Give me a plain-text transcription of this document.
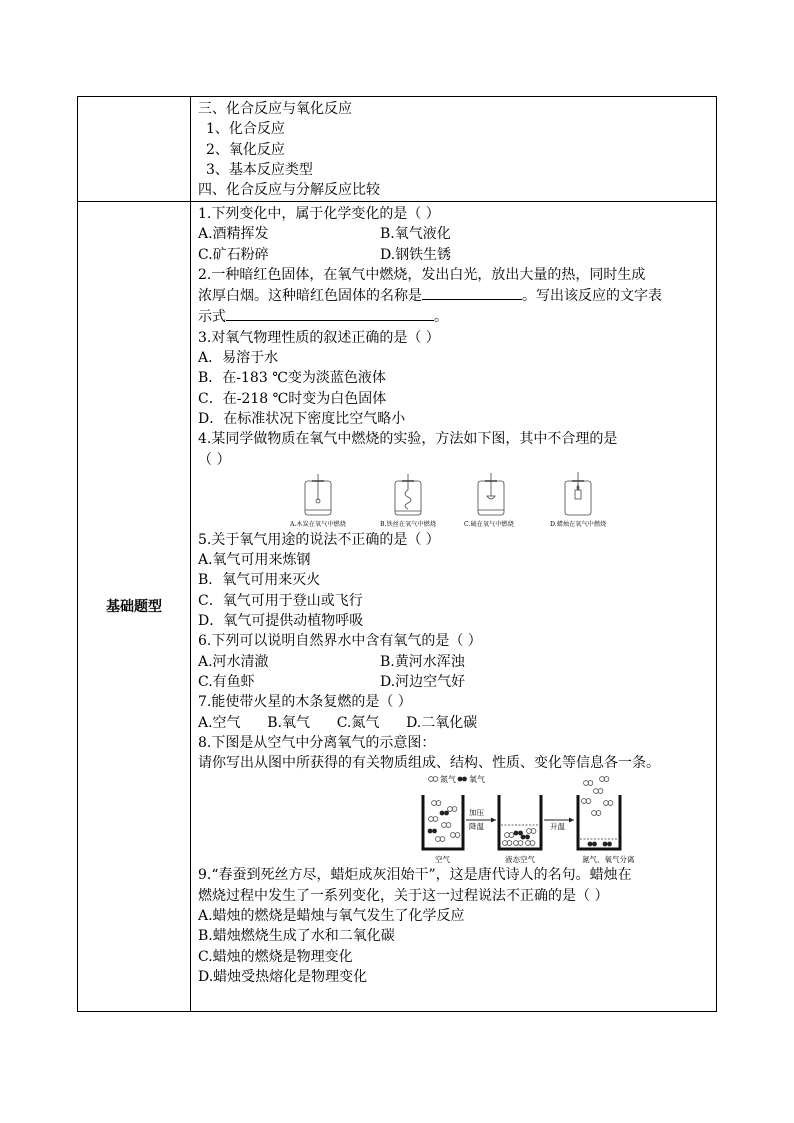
三、化合反应与氧化反应
1、化合反应
2、氧化反应
3、基本反应类型
四、化合反应与分解反应比较
基础题型
1.下列变化中，属于化学变化的是（ ）
A.酒精挥发	B.氧气液化
C.矿石粉碎	D.钢铁生锈
2.一种暗红色固体，在氧气中燃烧，发出白光，放出大量的热，同时生成
浓厚白烟。这种暗红色固体的名称是	。写出该反应的文字表
示式	。
3.对氧气物理性质的叙述正确的是（ ）
A．易溶于水
B．在-183 ℃变为淡蓝色液体
C．在-218 ℃时变为白色固体
D．在标准状况下密度比空气略小
4.某同学做物质在氧气中燃烧的实验，方法如下图，其中不合理的是
（ ）
A.木炭在氧气中燃烧	B.铁丝在氧气中燃烧	C.硫在氧气中燃烧	D.蜡烛在氧气中燃烧
5.关于氧气用途的说法不正确的是（ ）
A.氧气可用来炼钢
B．氧气可用来灭火
C．氧气可用于登山或飞行
D．氧气可提供动植物呼吸
6.下列可以说明自然界水中含有氧气的是（ ）
A.河水清澈	B.黄河水浑浊
C.有鱼虾	D.河边空气好
7.能使带火星的木条复燃的是（ ）
A.空气      B.氧气      C.氮气      D.二氧化碳
8.下图是从空气中分离氧气的示意图：
请你写出从图中所获得的有关物质组成、结构、性质、变化等信息各一条。
氮气 氧气
空气
加压
降温
液态空气
升温
氮气、氧气分离
9.“春蚕到死丝方尽，蜡炬成灰泪始干”，这是唐代诗人的名句。蜡烛在
燃烧过程中发生了一系列变化，关于这一过程说法不正确的是（ ）
A.蜡烛的燃烧是蜡烛与氧气发生了化学反应
B.蜡烛燃烧生成了水和二氧化碳
C.蜡烛的燃烧是物理变化
D.蜡烛受热熔化是物理变化
